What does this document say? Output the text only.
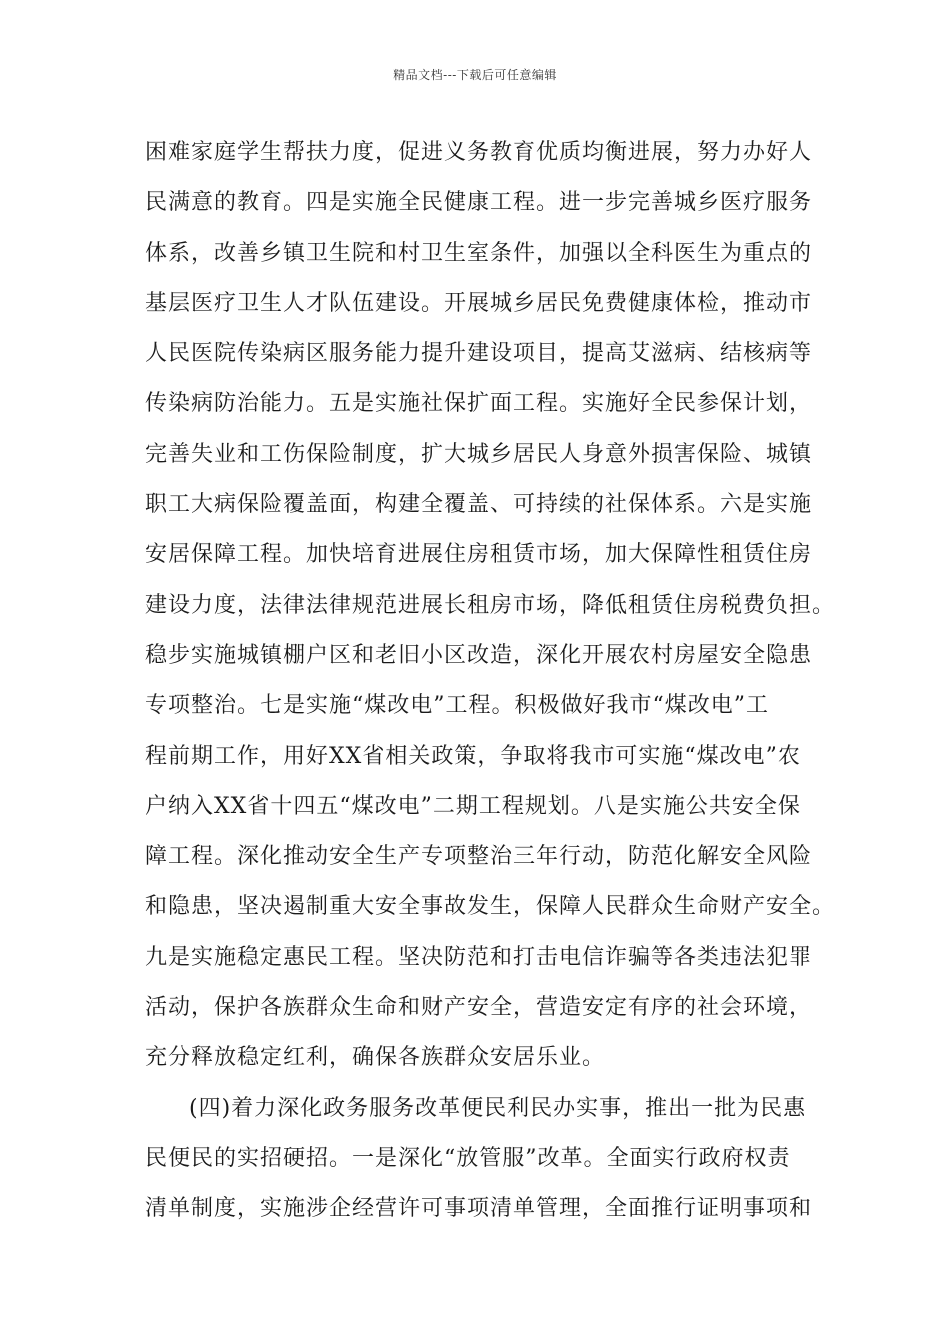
精品文档---下载后可任意编辑
困难家庭学生帮扶力度，促进义务教育优质均衡进展，努力办好人
民满意的教育。四是实施全民健康工程。进一步完善城乡医疗服务
体系，改善乡镇卫生院和村卫生室条件，加强以全科医生为重点的
基层医疗卫生人才队伍建设。开展城乡居民免费健康体检，推动市
人民医院传染病区服务能力提升建设项目，提高艾滋病、结核病等
传染病防治能力。五是实施社保扩面工程。实施好全民参保计划，
完善失业和工伤保险制度，扩大城乡居民人身意外损害保险、城镇
职工大病保险覆盖面，构建全覆盖、可持续的社保体系。六是实施
安居保障工程。加快培育进展住房租赁市场，加大保障性租赁住房
建设力度，法律法律规范进展长租房市场，降低租赁住房税费负担。
稳步实施城镇棚户区和老旧小区改造，深化开展农村房屋安全隐患
专项整治。七是实施“煤改电”工程。积极做好我市“煤改电”工
程前期工作，用好XX省相关政策，争取将我市可实施“煤改电”农
户纳入XX省十四五“煤改电”二期工程规划。八是实施公共安全保
障工程。深化推动安全生产专项整治三年行动，防范化解安全风险
和隐患，坚决遏制重大安全事故发生，保障人民群众生命财产安全。
九是实施稳定惠民工程。坚决防范和打击电信诈骗等各类违法犯罪
活动，保护各族群众生命和财产安全，营造安定有序的社会环境，
充分释放稳定红利，确保各族群众安居乐业。
(四)着力深化政务服务改革便民利民办实事，推出一批为民惠
民便民的实招硬招。一是深化“放管服”改革。全面实行政府权责
清单制度，实施涉企经营许可事项清单管理，全面推行证明事项和
